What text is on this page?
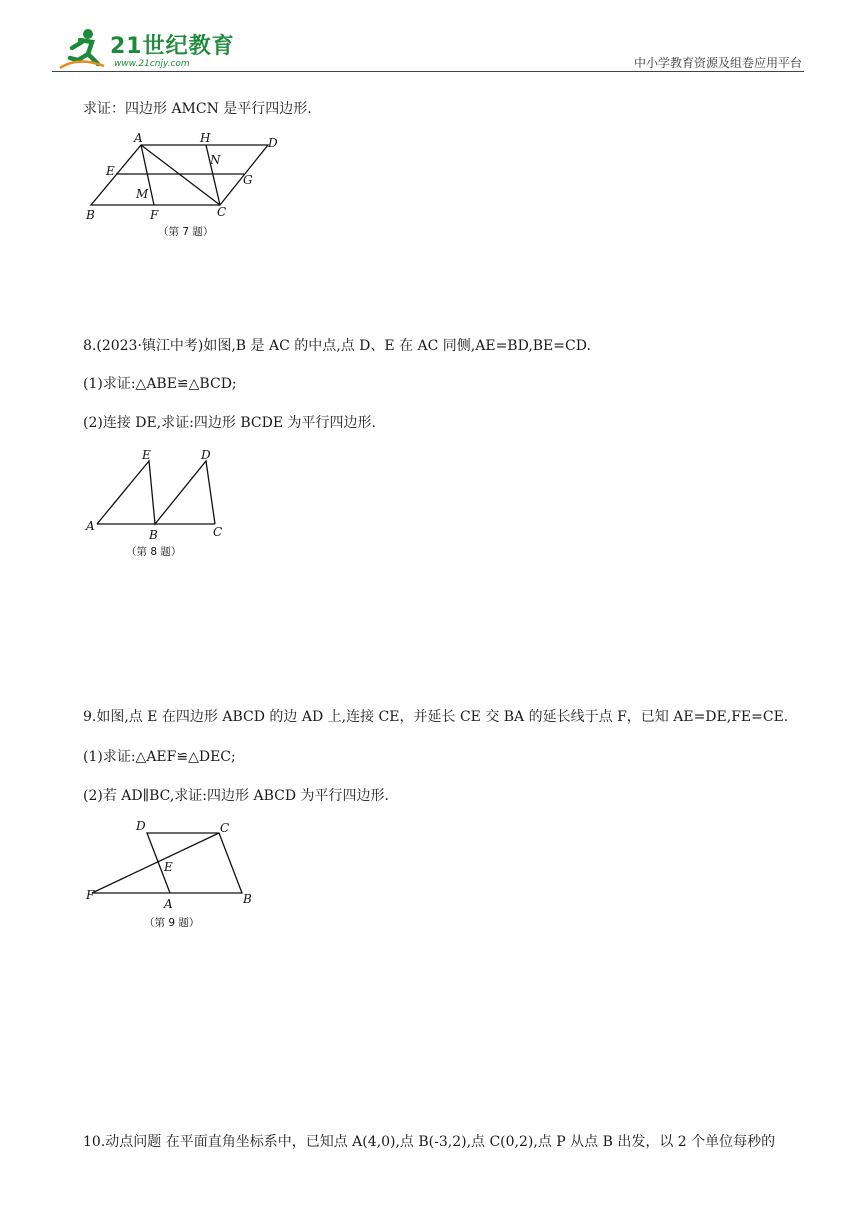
21世纪教育
www.21cnjy.com	中小学教育资源及组卷应用平台
求证：四边形 AMCN 是平行四边形.
A	H	D
N
E
G
M
B	F	C
（第 7 题）
8.(2023·镇江中考)如图,B 是 AC 的中点,点 D、E 在 AC 同侧,AE=BD,BE=CD.
(1)求证:△ABE≌△BCD;
(2)连接 DE,求证:四边形 BCDE 为平行四边形.
E	D
A
B	C
（第 8 题）
9.如图,点 E 在四边形 ABCD 的边 AD 上,连接 CE，并延长 CE 交 BA 的延长线于点 F，已知 AE=DE,FE=CE.
(1)求证:△AEF≌△DEC;
(2)若 AD∥BC,求证:四边形 ABCD 为平行四边形.
D	C
E
F
A	B
（第 9 题）
10.动点问题 在平面直角坐标系中，已知点 A(4,0),点 B(-3,2),点 C(0,2),点 P 从点 B 出发，以 2 个单位每秒的
